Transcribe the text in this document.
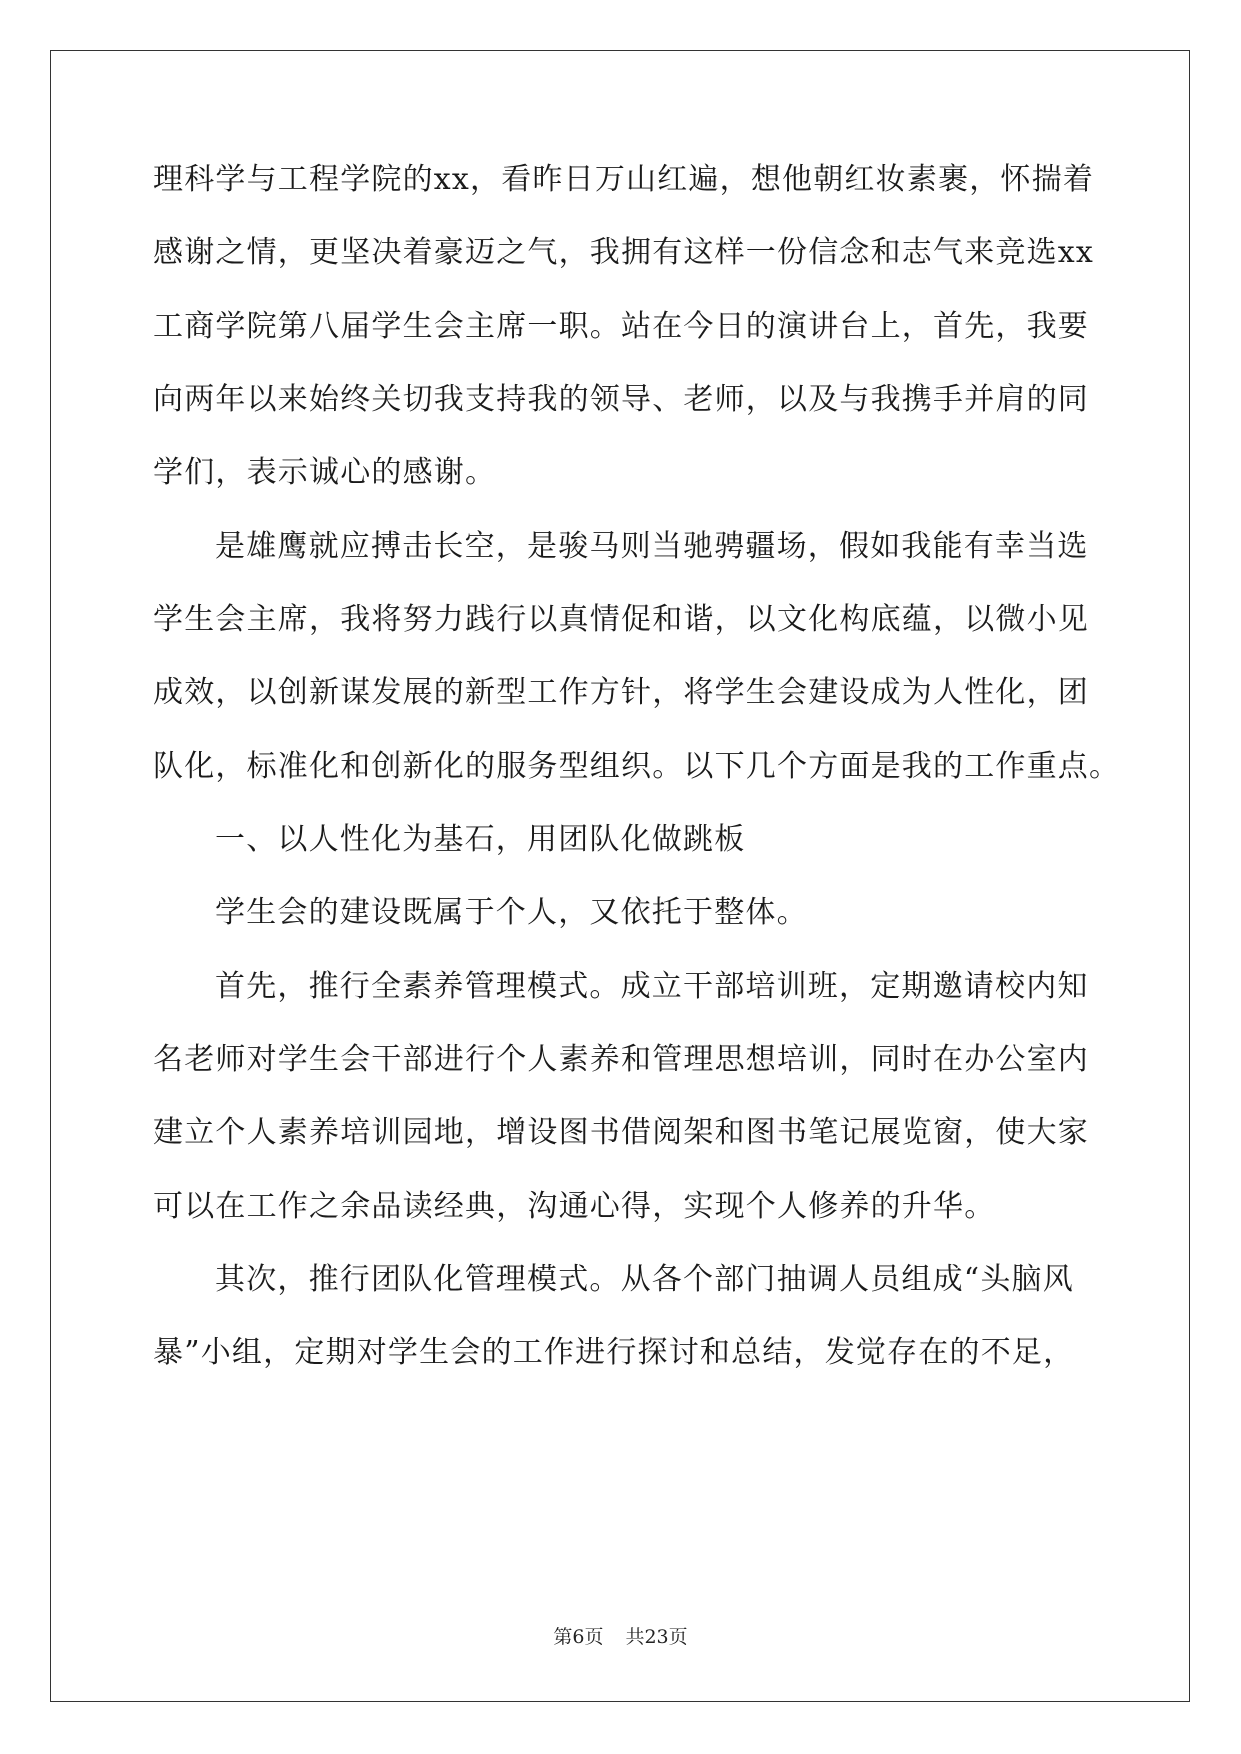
理科学与工程学院的xx，看昨日万山红遍，想他朝红妆素裹，怀揣着
感谢之情，更坚决着豪迈之气，我拥有这样一份信念和志气来竞选xx
工商学院第八届学生会主席一职。站在今日的演讲台上，首先，我要
向两年以来始终关切我支持我的领导、老师，以及与我携手并肩的同
学们，表示诚心的感谢。
是雄鹰就应搏击长空，是骏马则当驰骋疆场，假如我能有幸当选
学生会主席，我将努力践行以真情促和谐，以文化构底蕴，以微小见
成效，以创新谋发展的新型工作方针，将学生会建设成为人性化，团
队化，标准化和创新化的服务型组织。以下几个方面是我的工作重点。
一、以人性化为基石，用团队化做跳板
学生会的建设既属于个人，又依托于整体。
首先，推行全素养管理模式。成立干部培训班，定期邀请校内知
名老师对学生会干部进行个人素养和管理思想培训，同时在办公室内
建立个人素养培训园地，增设图书借阅架和图书笔记展览窗，使大家
可以在工作之余品读经典，沟通心得，实现个人修养的升华。
其次，推行团队化管理模式。从各个部门抽调人员组成“头脑风
暴”小组，定期对学生会的工作进行探讨和总结，发觉存在的不足，
第6页 共23页
